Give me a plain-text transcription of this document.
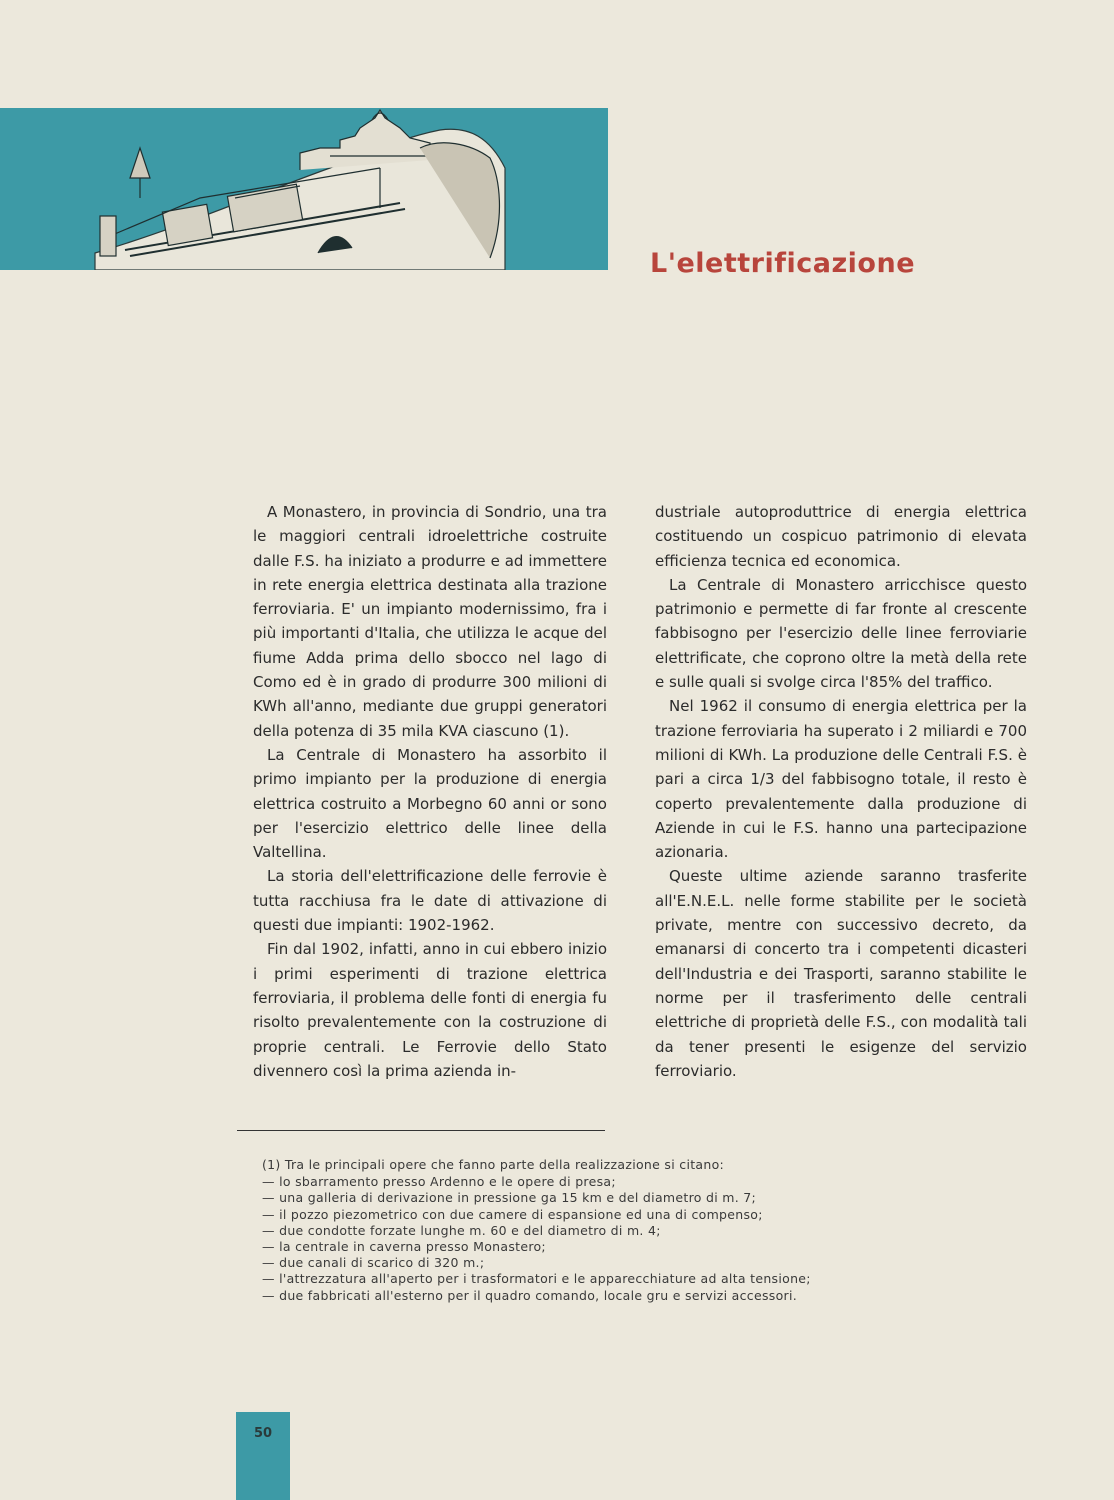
L'elettrificazione

A Monastero, in provincia di Sondrio, una tra le maggiori centrali idroelettriche costruite dalle F.S. ha iniziato a produrre e ad immettere in rete energia elettrica destinata alla trazione ferroviaria. E' un impianto modernissimo, fra i più importanti d'Italia, che utilizza le acque del fiume Adda prima dello sbocco nel lago di Como ed è in grado di produrre 300 milioni di KWh all'anno, mediante due gruppi generatori della potenza di 35 mila KVA ciascuno (1).

La Centrale di Monastero ha assorbito il primo impianto per la produzione di energia elettrica costruito a Morbegno 60 anni or sono per l'esercizio elettrico delle linee della Valtellina.

La storia dell'elettrificazione delle ferrovie è tutta racchiusa fra le date di attivazione di questi due impianti: 1902-1962.

Fin dal 1902, infatti, anno in cui ebbero inizio i primi esperimenti di trazione elettrica ferroviaria, il problema delle fonti di energia fu risolto prevalentemente con la costruzione di proprie centrali. Le Ferrovie dello Stato divennero così la prima azienda in-

dustriale autoproduttrice di energia elettrica costituendo un cospicuo patrimonio di elevata efficienza tecnica ed economica.

La Centrale di Monastero arricchisce questo patrimonio e permette di far fronte al crescente fabbisogno per l'esercizio delle linee ferroviarie elettrificate, che coprono oltre la metà della rete e sulle quali si svolge circa l'85% del traffico.

Nel 1962 il consumo di energia elettrica per la trazione ferroviaria ha superato i 2 miliardi e 700 milioni di KWh. La produzione delle Centrali F.S. è pari a circa 1/3 del fabbisogno totale, il resto è coperto prevalentemente dalla produzione di Aziende in cui le F.S. hanno una partecipazione azionaria.

Queste ultime aziende saranno trasferite all'E.N.E.L. nelle forme stabilite per le società private, mentre con successivo decreto, da emanarsi di concerto tra i competenti dicasteri dell'Industria e dei Trasporti, saranno stabilite le norme per il trasferimento delle centrali elettriche di proprietà delle F.S., con modalità tali da tener presenti le esigenze del servizio ferroviario.

(1) Tra le principali opere che fanno parte della realizzazione si citano:

— lo sbarramento presso Ardenno e le opere di presa;
— una galleria di derivazione in pressione ga 15 km e del diametro di m. 7;
— il pozzo piezometrico con due camere di espansione ed una di compenso;
— due condotte forzate lunghe m. 60 e del diametro di m. 4;
— la centrale in caverna presso Monastero;
— due canali di scarico di 320 m.;
— l'attrezzatura all'aperto per i trasformatori e le apparecchiature ad alta tensione;
— due fabbricati all'esterno per il quadro comando, locale gru e servizi accessori.
50
